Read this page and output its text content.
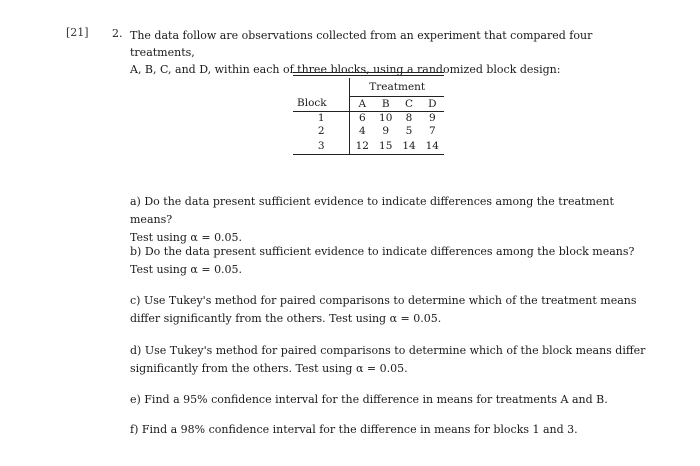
[21] 2. The data follow are observations collected from an experiment that compared four treatments,
A, B, C, and D, within each of three blocks, using a randomized block design:
	Treatment			
Block	A	B	C	D
1	6	10	8	9
2	4	9	5	7
3	12	15	14	14
a) Do the data present sufficient evidence to indicate differences among the treatment means?
Test using α = 0.05.
b) Do the data present sufficient evidence to indicate differences among the block means?
Test using α = 0.05.
c) Use Tukey's method for paired comparisons to determine which of the treatment means
differ significantly from the others. Test using α = 0.05.
d) Use Tukey's method for paired comparisons to determine which of the block means differ
significantly from the others. Test using α = 0.05.
e) Find a 95% confidence interval for the difference in means for treatments A and B.
f) Find a 98% confidence interval for the difference in means for blocks 1 and 3.
